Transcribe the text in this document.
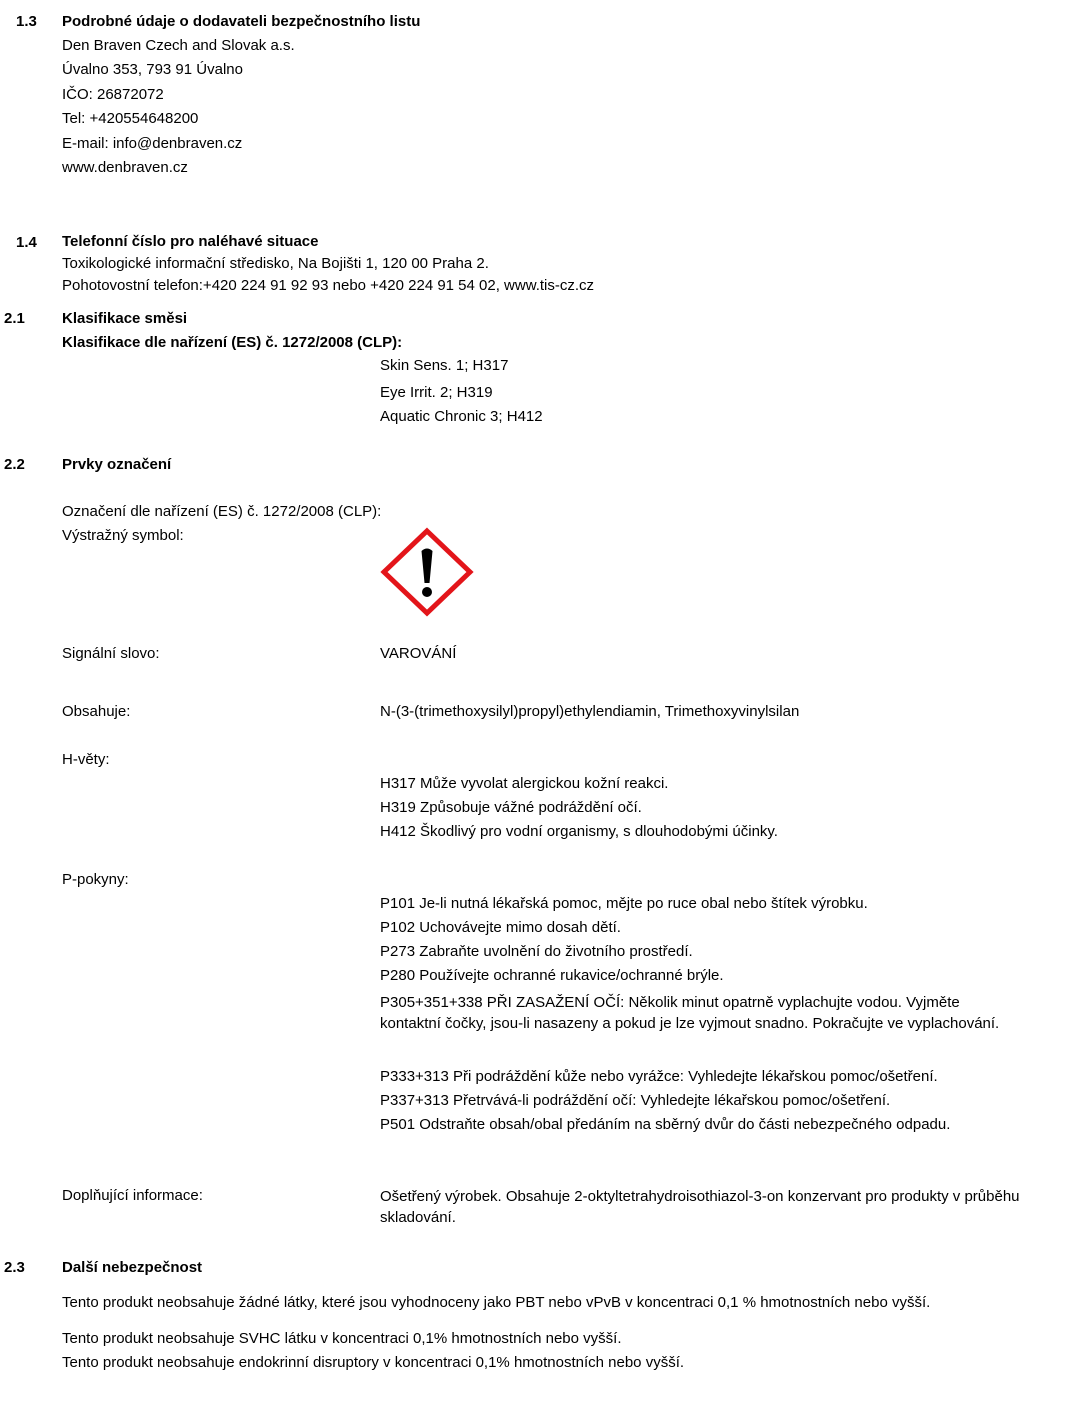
1.3 Podrobné údaje o dodavateli bezpečnostního listu
Den Braven Czech and Slovak a.s.
Úvalno 353, 793 91 Úvalno
IČO: 26872072
Tel: +420554648200
E-mail: info@denbraven.cz
www.denbraven.cz
1.4 Telefonní číslo pro naléhavé situace
Toxikologické informační středisko, Na Bojišti 1, 120 00 Praha 2.
Pohotovostní telefon:+420 224 91 92 93 nebo +420 224 91 54 02, www.tis-cz.cz
2.1 Klasifikace směsi
Klasifikace dle nařízení (ES) č. 1272/2008 (CLP):
Skin Sens. 1; H317
Eye Irrit. 2; H319
Aquatic Chronic 3; H412
2.2 Prvky označení
Označení dle nařízení (ES) č. 1272/2008 (CLP):
Výstražný symbol:
Signální slovo:	VAROVÁNÍ
Obsahuje:	N-(3-(trimethoxysilyl)propyl)ethylendiamin, Trimethoxyvinylsilan
H-věty:
H317 Může vyvolat alergickou kožní reakci.
H319 Způsobuje vážné podráždění očí.
H412 Škodlivý pro vodní organismy, s dlouhodobými účinky.
P-pokyny:
P101 Je-li nutná lékařská pomoc, mějte po ruce obal nebo štítek výrobku.
P102 Uchovávejte mimo dosah dětí.
P273 Zabraňte uvolnění do životního prostředí.
P280 Používejte ochranné rukavice/ochranné brýle.
P305+351+338 PŘI ZASAŽENÍ OČÍ: Několik minut opatrně vyplachujte vodou. Vyjměte kontaktní čočky, jsou-li nasazeny a pokud je lze vyjmout snadno. Pokračujte ve vyplachování.
P333+313 Při podráždění kůže nebo vyrážce: Vyhledejte lékařskou pomoc/ošetření.
P337+313 Přetrvává-li podráždění očí: Vyhledejte lékařskou pomoc/ošetření.
P501 Odstraňte obsah/obal předáním na sběrný dvůr do části nebezpečného odpadu.
Doplňující informace:	Ošetřený výrobek. Obsahuje 2-oktyltetrahydroisothiazol-3-on konzervant pro produkty v průběhu skladování.
2.3 Další nebezpečnost
Tento produkt neobsahuje žádné látky, které jsou vyhodnoceny jako PBT nebo vPvB v koncentraci 0,1 % hmotnostních nebo vyšší.
Tento produkt neobsahuje SVHC látku v koncentraci 0,1% hmotnostních nebo vyšší.
Tento produkt neobsahuje endokrinní disruptory v koncentraci 0,1% hmotnostních nebo vyšší.
